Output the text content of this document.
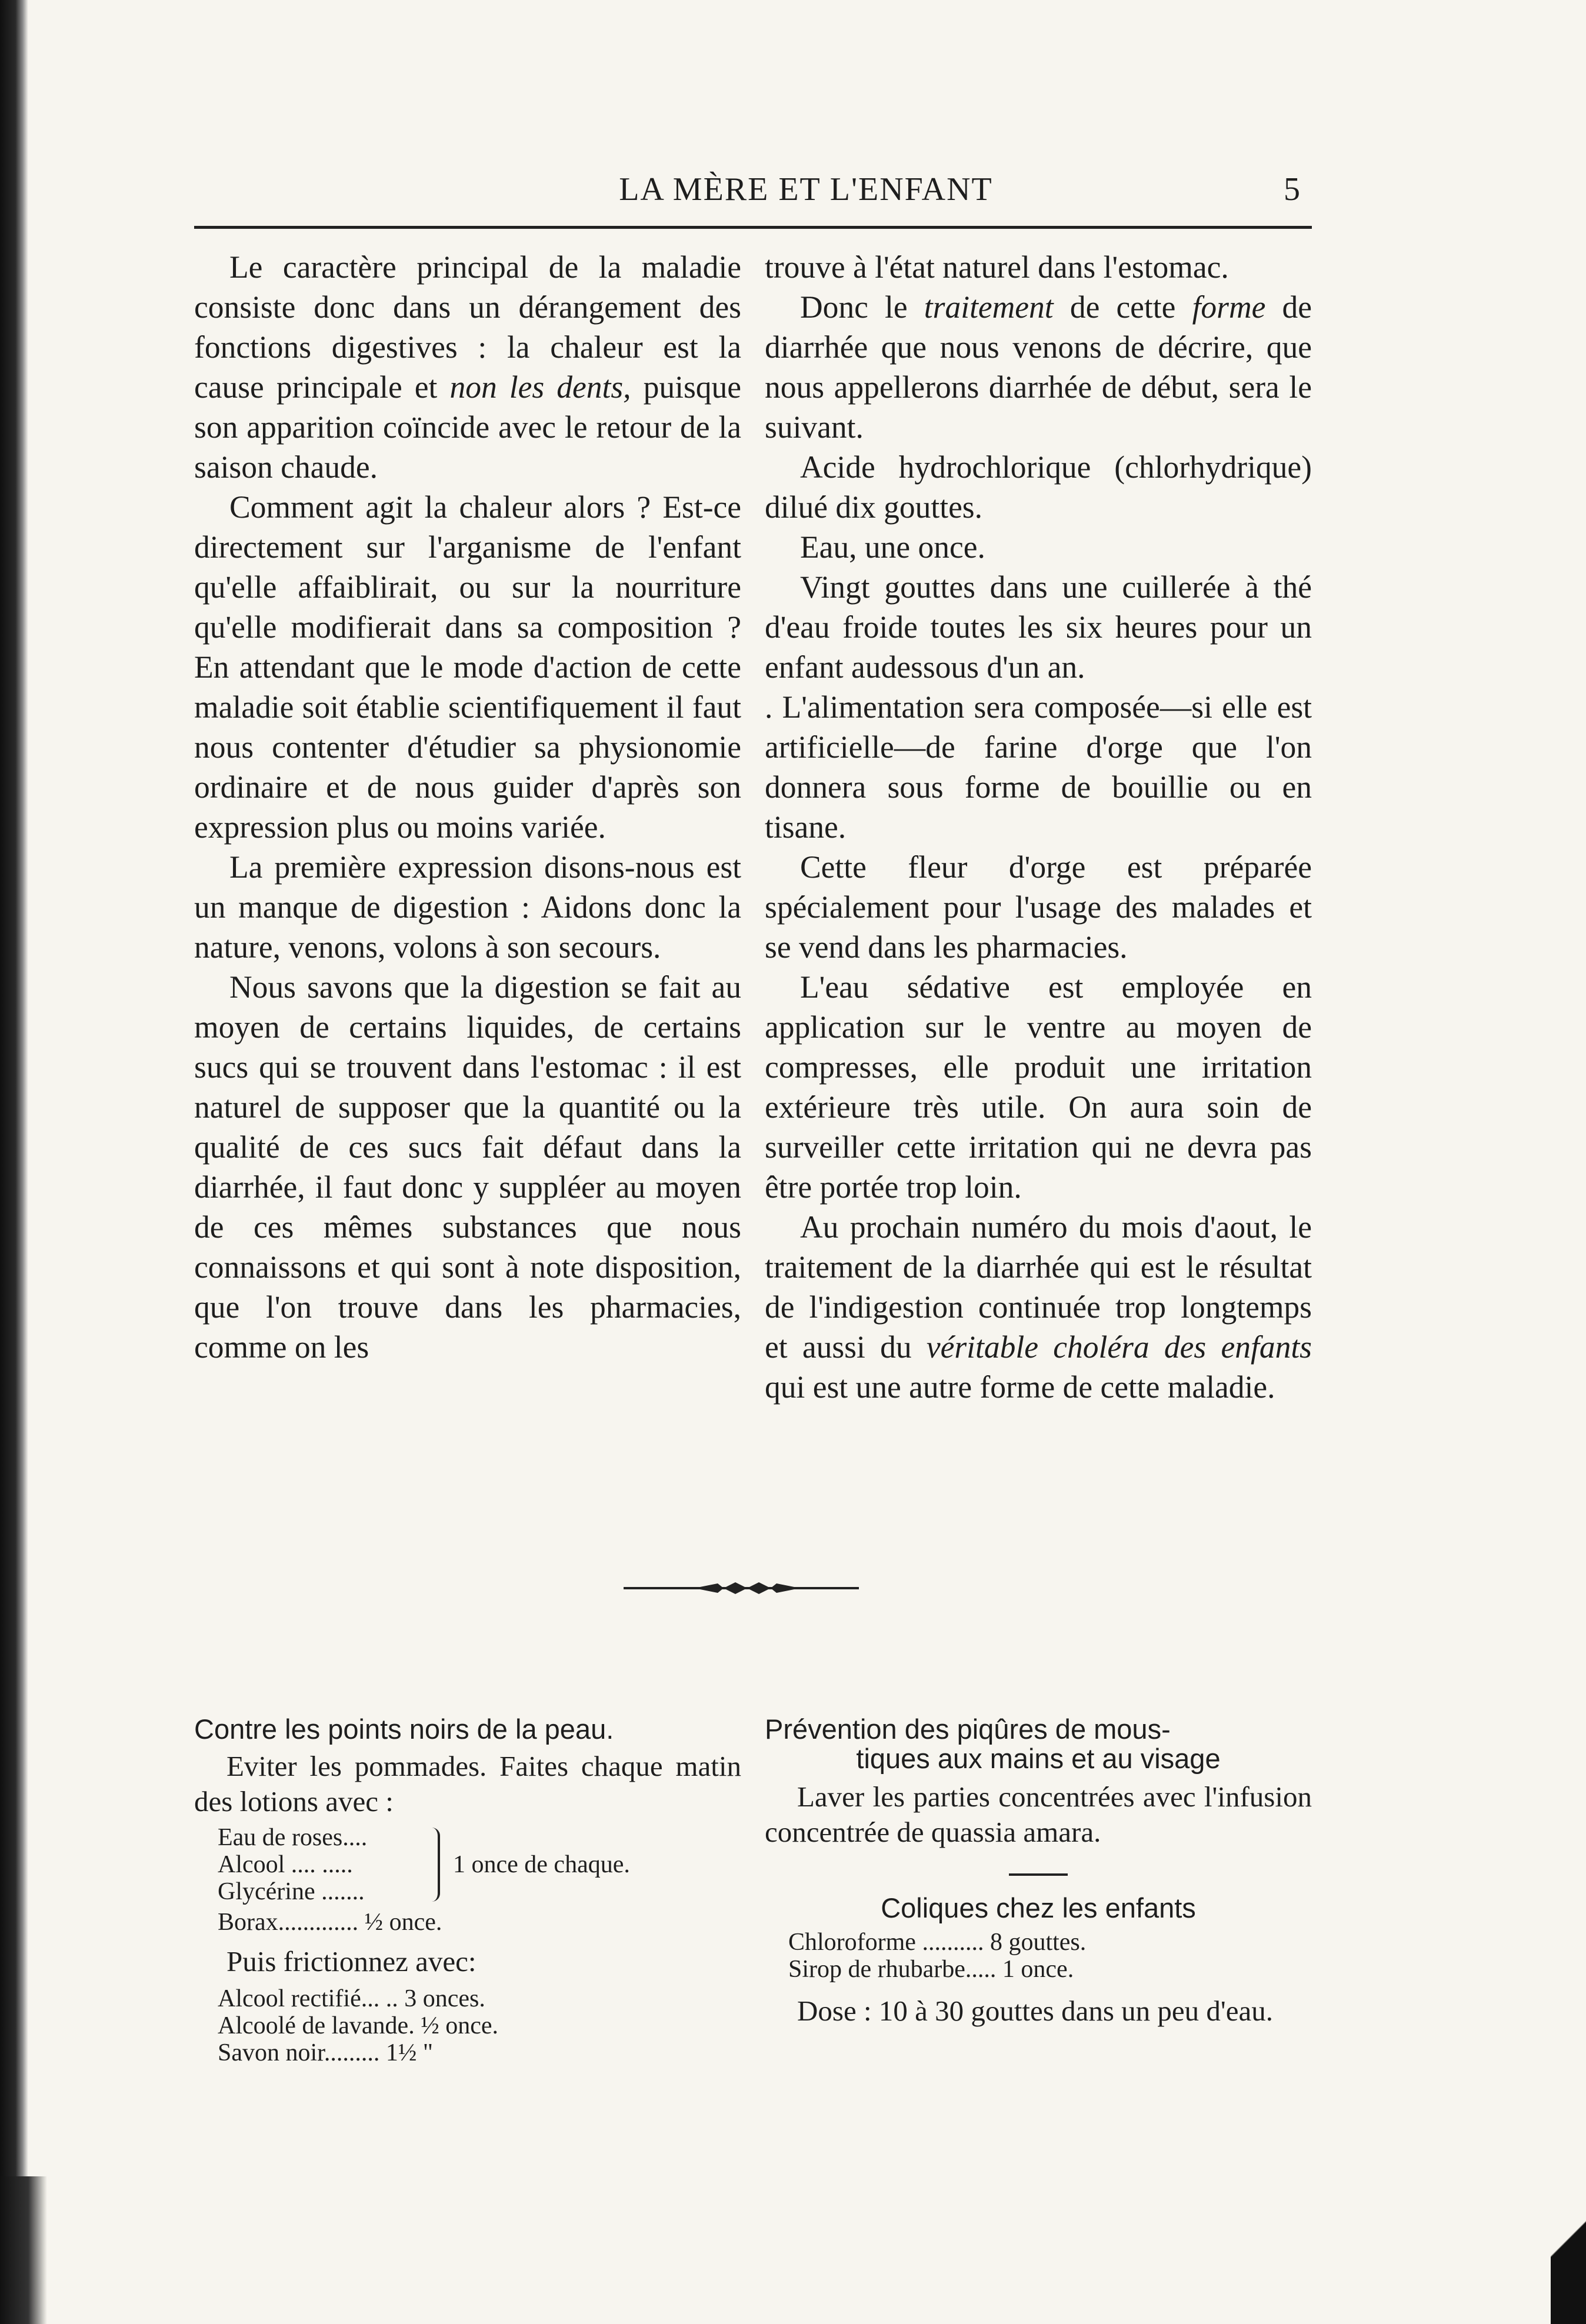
LA MÈRE ET L'ENFANT	5

Le caractère principal de la maladie consiste donc dans un dérangement des fonctions digestives : la chaleur est la cause principale et non les dents, puisque son apparition coïncide avec le retour de la saison chaude.

Comment agit la chaleur alors ? Est-ce directement sur l'arganisme de l'enfant qu'elle affaiblirait, ou sur la nourriture qu'elle modifierait dans sa composition ? En attendant que le mode d'action de cette maladie soit établie scientifiquement il faut nous contenter d'étudier sa physionomie ordinaire et de nous guider d'après son expression plus ou moins variée.

La première expression disons-nous est un manque de digestion : Aidons donc la nature, venons, volons à son secours.

Nous savons que la digestion se fait au moyen de certains liquides, de certains sucs qui se trouvent dans l'estomac : il est naturel de supposer que la quantité ou la qualité de ces sucs fait défaut dans la diarrhée, il faut donc y suppléer au moyen de ces mêmes substances que nous connaissons et qui sont à note disposition, que l'on trouve dans les pharmacies, comme on les

trouve à l'état naturel dans l'estomac.

Donc le traitement de cette forme de diarrhée que nous venons de décrire, que nous appellerons diarrhée de début, sera le suivant.

Acide hydrochlorique (chlorhydrique) dilué dix gouttes.

Eau, une once.

Vingt gouttes dans une cuillerée à thé d'eau froide toutes les six heures pour un enfant audessous d'un an.

. L'alimentation sera composée—si elle est artificielle—de farine d'orge que l'on donnera sous forme de bouillie ou en tisane.

Cette fleur d'orge est préparée spécialement pour l'usage des malades et se vend dans les pharmacies.

L'eau sédative est employée en application sur le ventre au moyen de compresses, elle produit une irritation extérieure très utile. On aura soin de surveiller cette irritation qui ne devra pas être portée trop loin.

Au prochain numéro du mois d'aout, le traitement de la diarrhée qui est le résultat de l'indigestion continuée trop longtemps et aussi du véritable choléra des enfants qui est une autre forme de cette maladie.

Contre les points noirs de la peau.

Eviter les pommades. Faites chaque matin des lotions avec :

Eau de roses....
Alcool .... .....
Glycérine .......
1 once de chaque.
Borax............. ½ once.

Puis frictionnez avec:

Alcool rectifié... .. 3 onces.
Alcoolé de lavande. ½ once.
Savon noir......... 1½ "

Prévention des piqûres de mous-

tiques aux mains et au visage

Laver les parties concentrées avec l'infusion concentrée de quassia amara.

Coliques chez les enfants

Chloroforme .......... 8 gouttes.
Sirop de rhubarbe..... 1 once.

Dose : 10 à 30 gouttes dans un peu d'eau.
